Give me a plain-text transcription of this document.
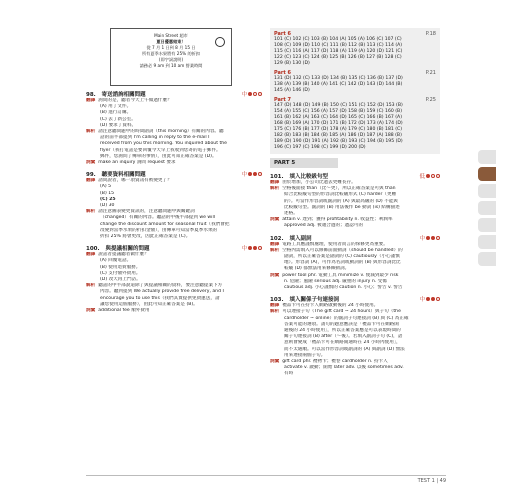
Main Street 超市
夏日優惠結束！
從 7 月 1 日到 8 月 15 日
所有夏季水果將有 25% 的折扣
(即字詞說明)
請務必 9 am 到 10 am 營業時間
98. 寄送諮詢相關問題	中
翻譯 詢問的是，聽者今天上午做過什麼？
(A) 用了文件。
(B) 進行訂購。
(C) 去了新公室。
(D) 要求了資料。
解析 請注意聽問題中的時間副詞（this morning）有關的內容。聽
話的前半部提到 I'm calling in reply to the e-mail I
received from you this morning. You inquired about the
flyer（我打電話是要回覆今天早上我收到您寄的電子郵件。
郵件，您詢問了傳單的事情），由此可知正確答案是 (D)。
詞彙 make an inquiry 詢問 request 要求
99. 聽要資料相關問題	中
翻譯 請問說者，哪一項資訊有被變更了？
(A) 5
(B) 15
(C) 25
(D) 30
解析 請注意圖表變更資訊的，注意聽問題中與關鍵詞
（changed）有關的內容。聽話的中後半部提到 we will
change the discount amount for seasonal fruit（我們會把
改變對當季水果的折扣金額），由傳單可知當季夏季水果的
折扣 25% 將會更改，因此正確答案是 (C)。
100. 與提議相關的問題	中
翻譯 說話者提議聽者做什麼？
(A) 回覆電話。
(B) 使用退費服務。
(C) 支付額外費用。
(D) 改天再上門訪。
解析 聽話的中半部說道除了與提議相關的資料，要注意聽提案下方
內容。聽到提到 We actually provide free delivery, and I
encourage you to use this（我們其實提供免費運送，請
讓您使用這個服務），由此可知正確答案是 (B)。
詞彙 additional fee 額外費用
Part 6	P.18
101 (C) 102 (C) 103 (B) 104 (A) 105 (A) 106 (C) 107 (C)
108 (C) 109 (D) 110 (C) 111 (B) 112 (B) 113 (C) 114 (A)
115 (C) 116 (A) 117 (D) 118 (A) 119 (A) 120 (D) 121 (C)
122 (C) 123 (C) 124 (B) 125 (B) 126 (B) 127 (B) 128 (C)
129 (B) 130 (D)
Part 6	P.21
131 (D) 132 (C) 133 (D) 134 (B) 135 (C) 136 (B) 137 (D)
138 (A) 139 (B) 140 (A) 141 (C) 142 (D) 143 (D) 144 (B)
145 (A) 146 (D)
Part 7	P.25
147 (D) 148 (D) 149 (B) 150 (C) 151 (C) 152 (D) 153 (B)
154 (A) 155 (C) 156 (A) 157 (D) 158 (B) 159 (C) 160 (B)
161 (B) 162 (A) 163 (C) 164 (D) 165 (C) 166 (B) 167 (A)
168 (B) 169 (A) 170 (D) 171 (B) 172 (D) 173 (A) 174 (D)
175 (C) 176 (B) 177 (D) 178 (A) 179 (C) 180 (B) 181 (C)
182 (B) 183 (B) 184 (B) 185 (A) 186 (D) 187 (A) 188 (B)
189 (D) 190 (D) 191 (A) 192 (B) 193 (C) 194 (B) 195 (D)
196 (C) 197 (C) 198 (C) 199 (D) 200 (D)
PART 5
101. 填入比較級句型	低
翻譯 由於增加，小公司比過去更難長存。
解析 空格後面接 than（比～更），所以正確答案是可與 than
結合比較級句型的形容詞比較級形式 (C) harder（更難
的）。可當作形容詞或副詞的 (A) 與最高級的 (D) 不能與
比較級句型。副詞的 (B) 用法後作 be 動詞 (is) 結構描述
述格。
詞彙 attain v. 達到；獲得 profitability n. 收益性；利潤率
approved adj. 被適合過的；遭認可的
102. 填入副詞	中
翻譯 電路工具應謹慎處理，使用者而言的保修更為重要。
解析 空格內需填入可以修飾前面動詞（should be handled）的
副詞，所以正確答案是副詞的 (C) cautiously（小心謹慎
地）。形容詞 (A)，可作為名詞或動詞的 (B) 與形容詞比比
較級 (D) 都無法用來修飾動詞。
詞彙 power tool phr. 電動工具 minimize v. 使減到最少 risk
n. 危險；風險 serious adj. 嚴重的 injury n. 受傷
cautious adj. 小心謹慎的 caution n. 小心；警告 v. 警告
103. 填入關係子句連接詞	中
翻譯 禮品卡可在持卡人網路啟動後的 24 小時使用。
解析 可以連接子句（The gift card ~ 24 hours）與子句（the
cardholder ~ online）的副詞子句連接詞 (B) 與 (C) 為正確
答案可能的選項。請句的題意應該是「禮品卡可在網路開
通後的 24 小時使用」，所以正確答案應是可以表現時間的
關子句連接詞 (B) after（～後）。若填入副詞子句 (C)，語
意則會變成「禮品卡可在網路開通時在 24 小時內使用」，
而不太通順。可以當作形容詞或副詞的 (A) 與副詞 (D) 無法
用來連接兩個子句。
詞彙 gift card phr. 禮物卡；禮卷 cardholder n. 持卡人
activate v. 啟動；開始 later adv. 以後 sometimes adv.
有時
TEST 1 | 49
